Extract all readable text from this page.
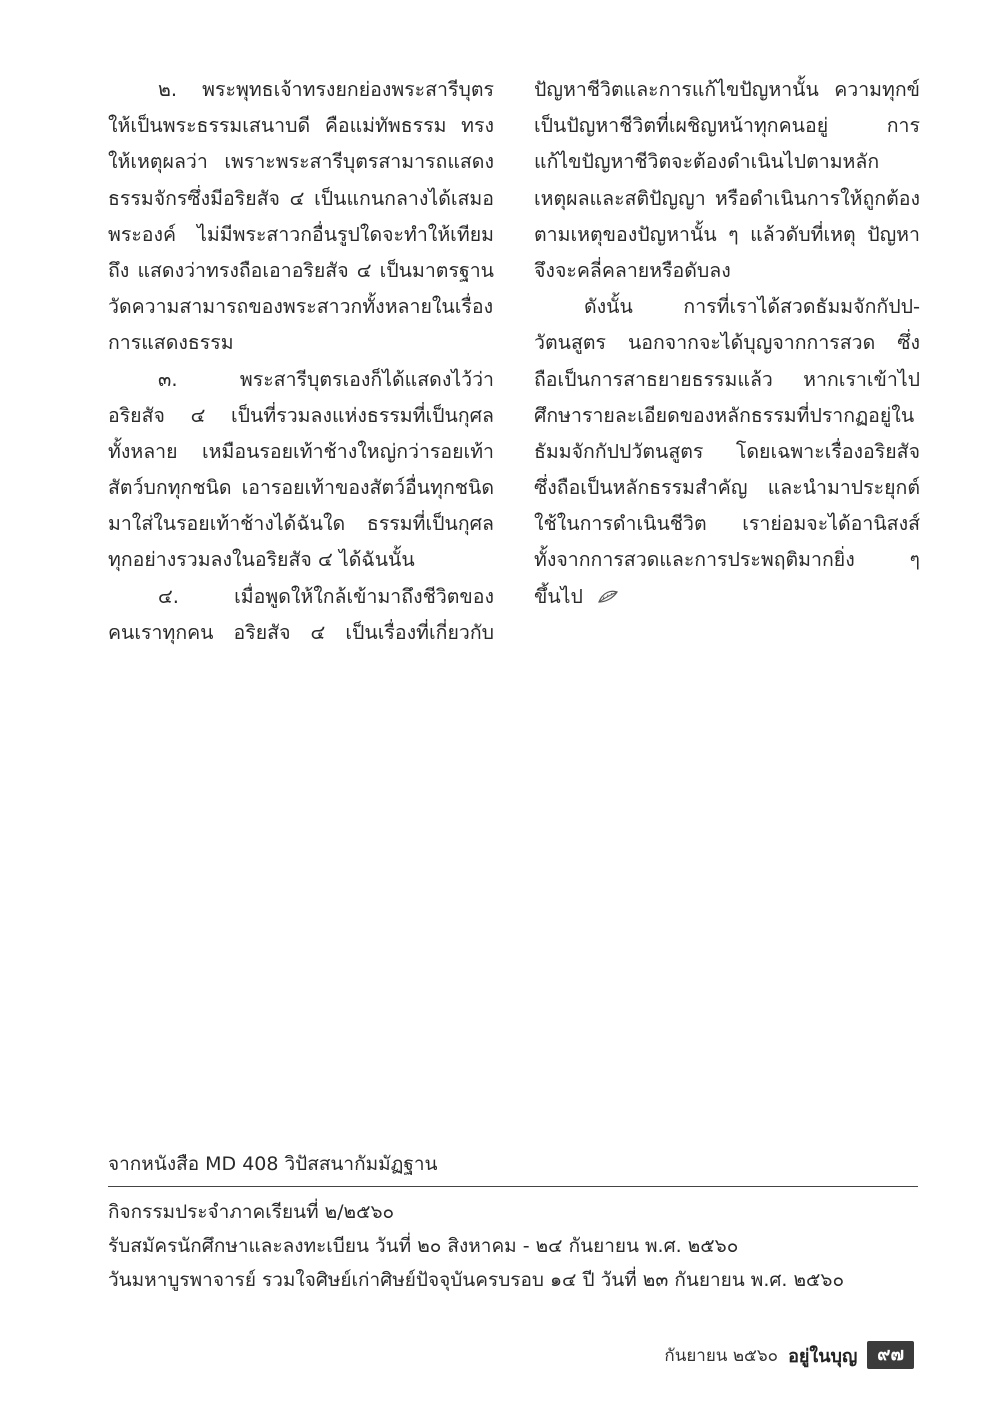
๒. พระพุทธเจ้าทรงยกย่องพระสารีบุตร
ให้เป็นพระธรรมเสนาบดี คือแม่ทัพธรรม ทรง
ให้เหตุผลว่า เพราะพระสารีบุตรสามารถแสดง
ธรรมจักรซึ่งมีอริยสัจ ๔ เป็นแกนกลางได้เสมอ
พระองค์ ไม่มีพระสาวกอื่นรูปใดจะทำให้เทียม
ถึง แสดงว่าทรงถือเอาอริยสัจ ๔ เป็นมาตรฐาน
วัดความสามารถของพระสาวกทั้งหลายในเรื่อง
การแสดงธรรม
๓. พระสารีบุตรเองก็ได้แสดงไว้ว่า
อริยสัจ ๔ เป็นที่รวมลงแห่งธรรมที่เป็นกุศล
ทั้งหลาย เหมือนรอยเท้าช้างใหญ่กว่ารอยเท้า
สัตว์บกทุกชนิด เอารอยเท้าของสัตว์อื่นทุกชนิด
มาใส่ในรอยเท้าช้างได้ฉันใด ธรรมที่เป็นกุศล
ทุกอย่างรวมลงในอริยสัจ ๔ ได้ฉันนั้น
๔. เมื่อพูดให้ใกล้เข้ามาถึงชีวิตของ
คนเราทุกคน อริยสัจ ๔ เป็นเรื่องที่เกี่ยวกับ
ปัญหาชีวิตและการแก้ไขปัญหานั้น ความทุกข์
เป็นปัญหาชีวิตที่เผชิญหน้าทุกคนอยู่ การ
แก้ไขปัญหาชีวิตจะต้องดำเนินไปตามหลัก
เหตุผลและสติปัญญา หรือดำเนินการให้ถูกต้อง
ตามเหตุของปัญหานั้น ๆ แล้วดับที่เหตุ ปัญหา
จึงจะคลี่คลายหรือดับลง
ดังนั้น การที่เราได้สวดธัมมจักกัปป-
วัตนสูตร นอกจากจะได้บุญจากการสวด ซึ่ง
ถือเป็นการสาธยายธรรมแล้ว หากเราเข้าไป
ศึกษารายละเอียดของหลักธรรมที่ปรากฏอยู่ใน
ธัมมจักกัปปวัตนสูตร โดยเฉพาะเรื่องอริยสัจ
ซึ่งถือเป็นหลักธรรมสำคัญ และนำมาประยุกต์
ใช้ในการดำเนินชีวิต เราย่อมจะได้อานิสงส์
ทั้งจากการสวดและการประพฤติมากยิ่ง ๆ
ขึ้นไป
จากหนังสือ MD 408 วิปัสสนากัมมัฏฐาน
กิจกรรมประจำภาคเรียนที่ ๒/๒๕๖๐
รับสมัครนักศึกษาและลงทะเบียน วันที่ ๒๐ สิงหาคม - ๒๔ กันยายน พ.ศ. ๒๕๖๐
วันมหาบูรพาจารย์ รวมใจศิษย์เก่าศิษย์ปัจจุบันครบรอบ ๑๔ ปี วันที่ ๒๓ กันยายน พ.ศ. ๒๕๖๐
กันยายน ๒๕๖๐ อยู่ในบุญ	๙๗
